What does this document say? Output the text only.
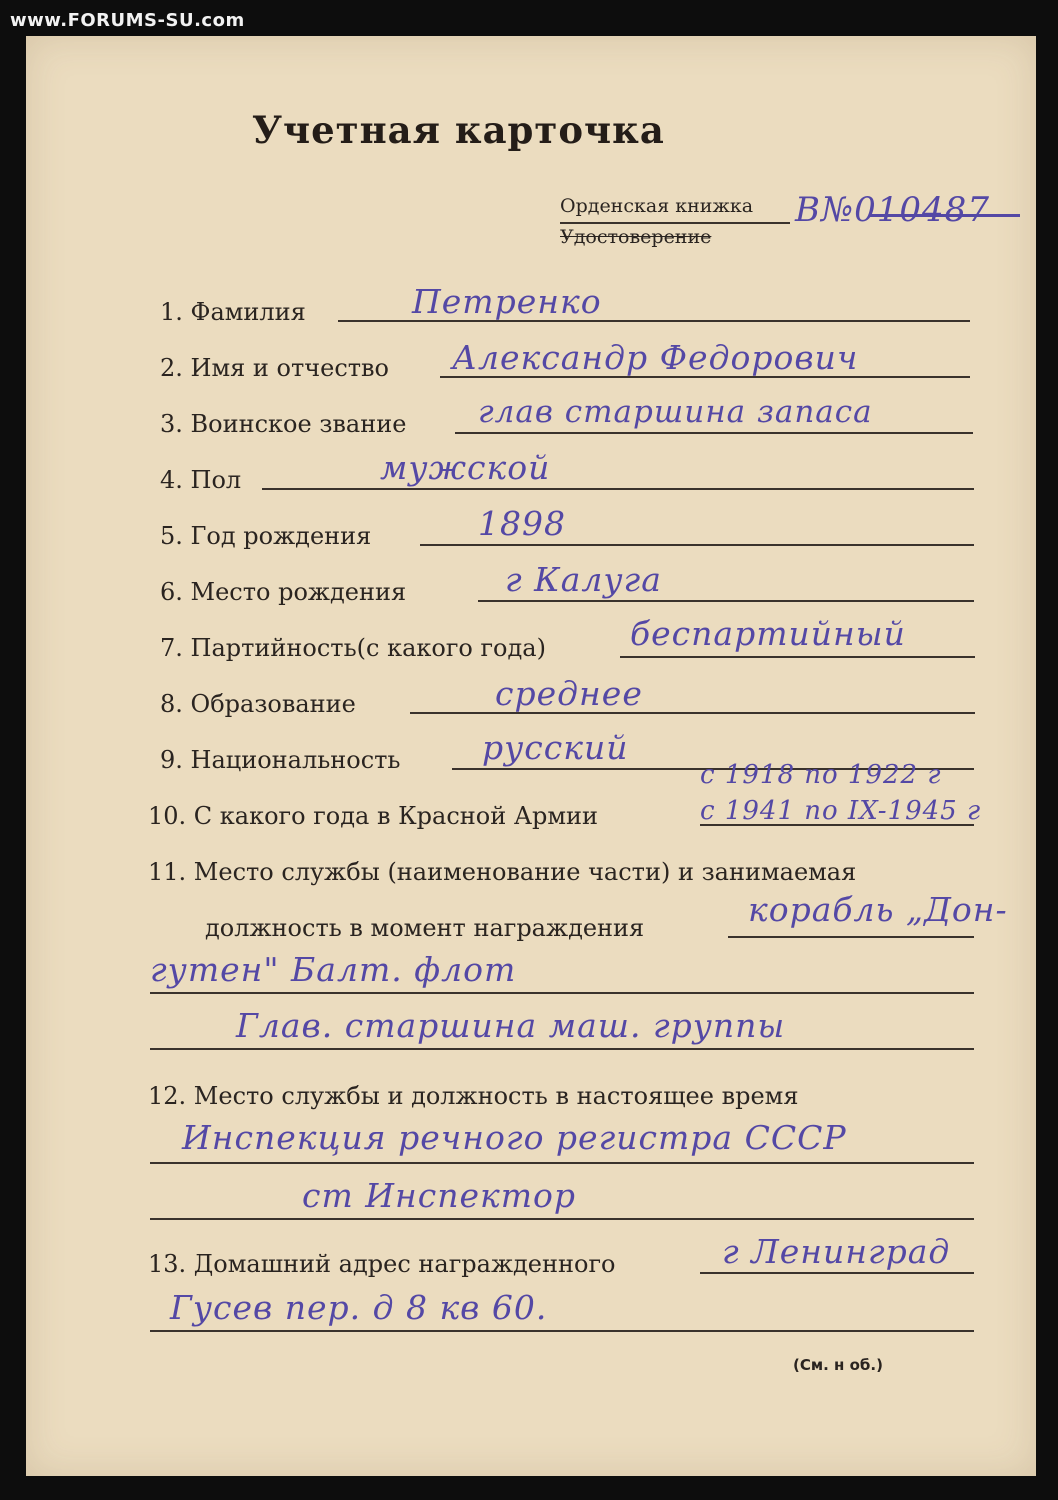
www.FORUMS-SU.com
Учетная карточка
Орденская книжка
Удостоверение
В№010487
1. Фамилия	Петренко
2. Имя и отчество Александр Федорович
3. Воинское звание глав старшина запаса
4. Пол	мужской
5. Год рождения	1898
6. Место рождения	г Калуга
7. Партийность(с какого года)	беспартийный
8. Образование	среднее
9. Национальность русский
10. С какого года в Красной Армии
с 1918 по 1922 г
с 1941 по IX-1945 г
11. Место службы (наименование части) и занимаемая
должность в момент награждения	корабль „Дон-
гутен" Балт. флот
Глав. старшина маш. группы
12. Место службы и должность в настоящее время
Инспекция речного регистра СССР
ст Инспектор
13. Домашний адрес награжденного	г Ленинград
Гусев пер. д 8 кв 60.
(См. н об.)
